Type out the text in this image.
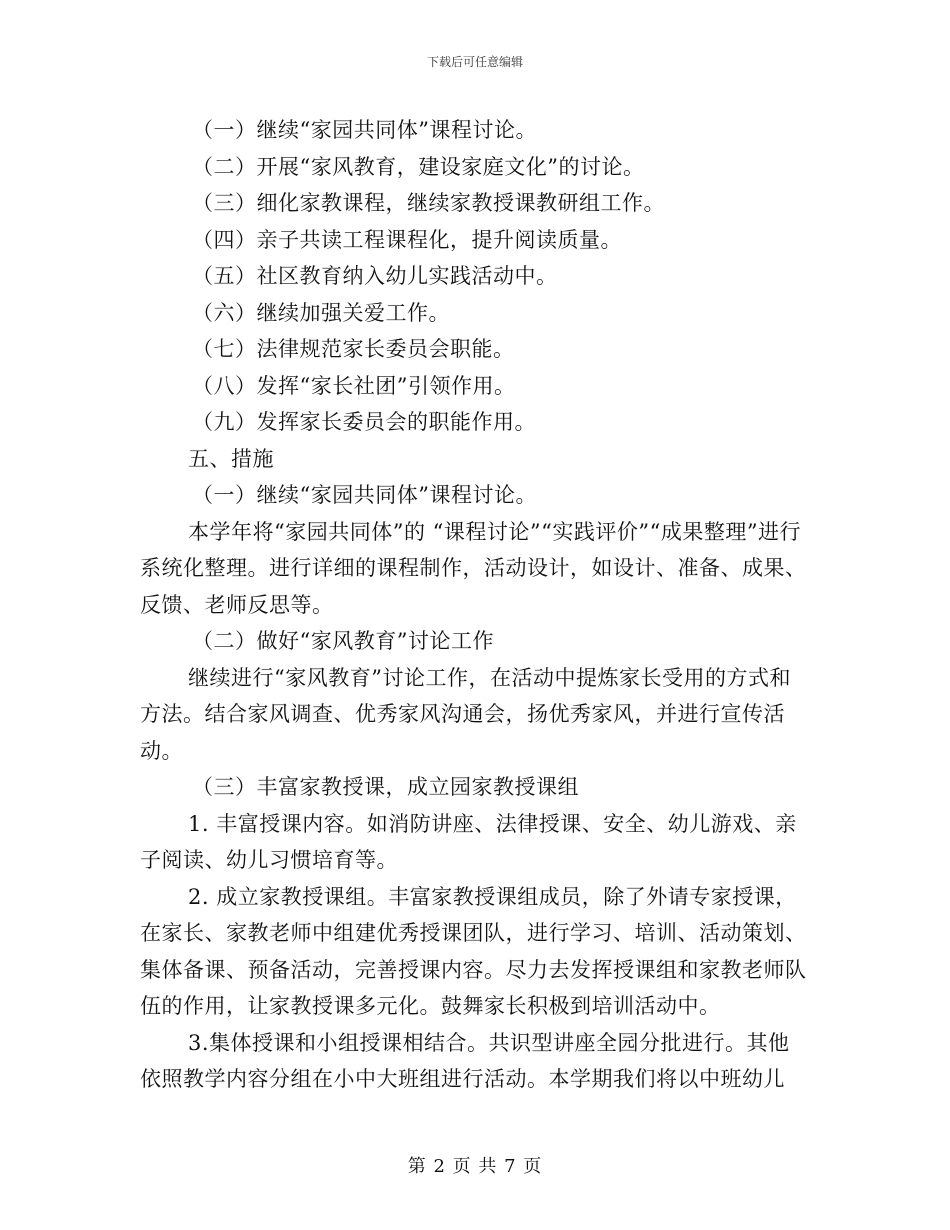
下载后可任意编辑

（一）继续“家园共同体”课程讨论。

（二）开展“家风教育，建设家庭文化”的讨论。

（三）细化家教课程，继续家教授课教研组工作。

（四）亲子共读工程课程化，提升阅读质量。

（五）社区教育纳入幼儿实践活动中。

（六）继续加强关爱工作。

（七）法律规范家长委员会职能。

（八）发挥“家长社团”引领作用。

（九）发挥家长委员会的职能作用。

五、措施

（一）继续“家园共同体”课程讨论。

本学年将“家园共同体”的 “课程讨论”“实践评价”“成果整理”进行系统化整理。进行详细的课程制作，活动设计，如设计、准备、成果、反馈、老师反思等。

（二）做好“家风教育”讨论工作

继续进行“家风教育”讨论工作，在活动中提炼家长受用的方式和方法。结合家风调查、优秀家风沟通会，扬优秀家风，并进行宣传活动。

（三）丰富家教授课，成立园家教授课组

1. 丰富授课内容。如消防讲座、法律授课、安全、幼儿游戏、亲子阅读、幼儿习惯培育等。

2. 成立家教授课组。丰富家教授课组成员，除了外请专家授课，在家长、家教老师中组建优秀授课团队，进行学习、培训、活动策划、集体备课、预备活动，完善授课内容。尽力去发挥授课组和家教老师队伍的作用，让家教授课多元化。鼓舞家长积极到培训活动中。

3.集体授课和小组授课相结合。共识型讲座全园分批进行。其他依照教学内容分组在小中大班组进行活动。本学期我们将以中班幼儿

第 2 页 共 7 页
